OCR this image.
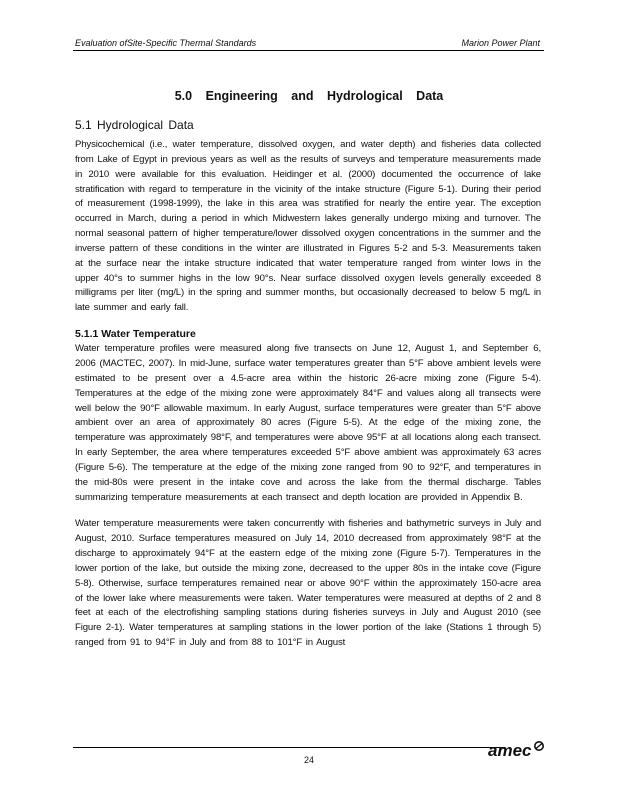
Evaluation ofSite-Specific Thermal Standards	Marion Power Plant
5.0 Engineering and Hydrological Data
5.1 Hydrological Data

Physicochemical (i.e., water temperature, dissolved oxygen, and water depth) and fisheries data collected from Lake of Egypt in previous years as well as the results of surveys and temperature measurements made in 2010 were available for this evaluation. Heidinger et al. (2000) documented the occurrence of lake stratification with regard to temperature in the vicinity of the intake structure (Figure 5-1). During their period of measurement (1998-1999), the lake in this area was stratified for nearly the entire year. The exception occurred in March, during a period in which Midwestern lakes generally undergo mixing and turnover. The normal seasonal pattern of higher temperature/lower dissolved oxygen concentrations in the summer and the inverse pattern of these conditions in the winter are illustrated in Figures 5-2 and 5-3. Measurements taken at the surface near the intake structure indicated that water temperature ranged from winter lows in the upper 40°s to summer highs in the low 90°s. Near surface dissolved oxygen levels generally exceeded 8 milligrams per liter (mg/L) in the spring and summer months, but occasionally decreased to below 5 mg/L in late summer and early fall.

5.1.1 Water Temperature

Water temperature profiles were measured along five transects on June 12, August 1, and September 6, 2006 (MACTEC, 2007). In mid-June, surface water temperatures greater than 5°F above ambient levels were estimated to be present over a 4.5-acre area within the historic 26-acre mixing zone (Figure 5-4). Temperatures at the edge of the mixing zone were approximately 84°F and values along all transects were well below the 90°F allowable maximum. In early August, surface temperatures were greater than 5°F above ambient over an area of approximately 80 acres (Figure 5-5). At the edge of the mixing zone, the temperature was approximately 98°F, and temperatures were above 95°F at all locations along each transect. In early September, the area where temperatures exceeded 5°F above ambient was approximately 63 acres (Figure 5-6). The temperature at the edge of the mixing zone ranged from 90 to 92°F, and temperatures in the mid-80s were present in the intake cove and across the lake from the thermal discharge. Tables summarizing temperature measurements at each transect and depth location are provided in Appendix B.

Water temperature measurements were taken concurrently with fisheries and bathymetric surveys in July and August, 2010. Surface temperatures measured on July 14, 2010 decreased from approximately 98°F at the discharge to approximately 94°F at the eastern edge of the mixing zone (Figure 5-7). Temperatures in the lower portion of the lake, but outside the mixing zone, decreased to the upper 80s in the intake cove (Figure 5-8). Otherwise, surface temperatures remained near or above 90°F within the approximately 150-acre area of the lower lake where measurements were taken. Water temperatures were measured at depths of 2 and 8 feet at each of the electrofishing sampling stations during fisheries surveys in July and August 2010 (see Figure 2-1). Water temperatures at sampling stations in the lower portion of the lake (Stations 1 through 5) ranged from 91 to 94°F in July and from 88 to 101°F in August

24	amec
